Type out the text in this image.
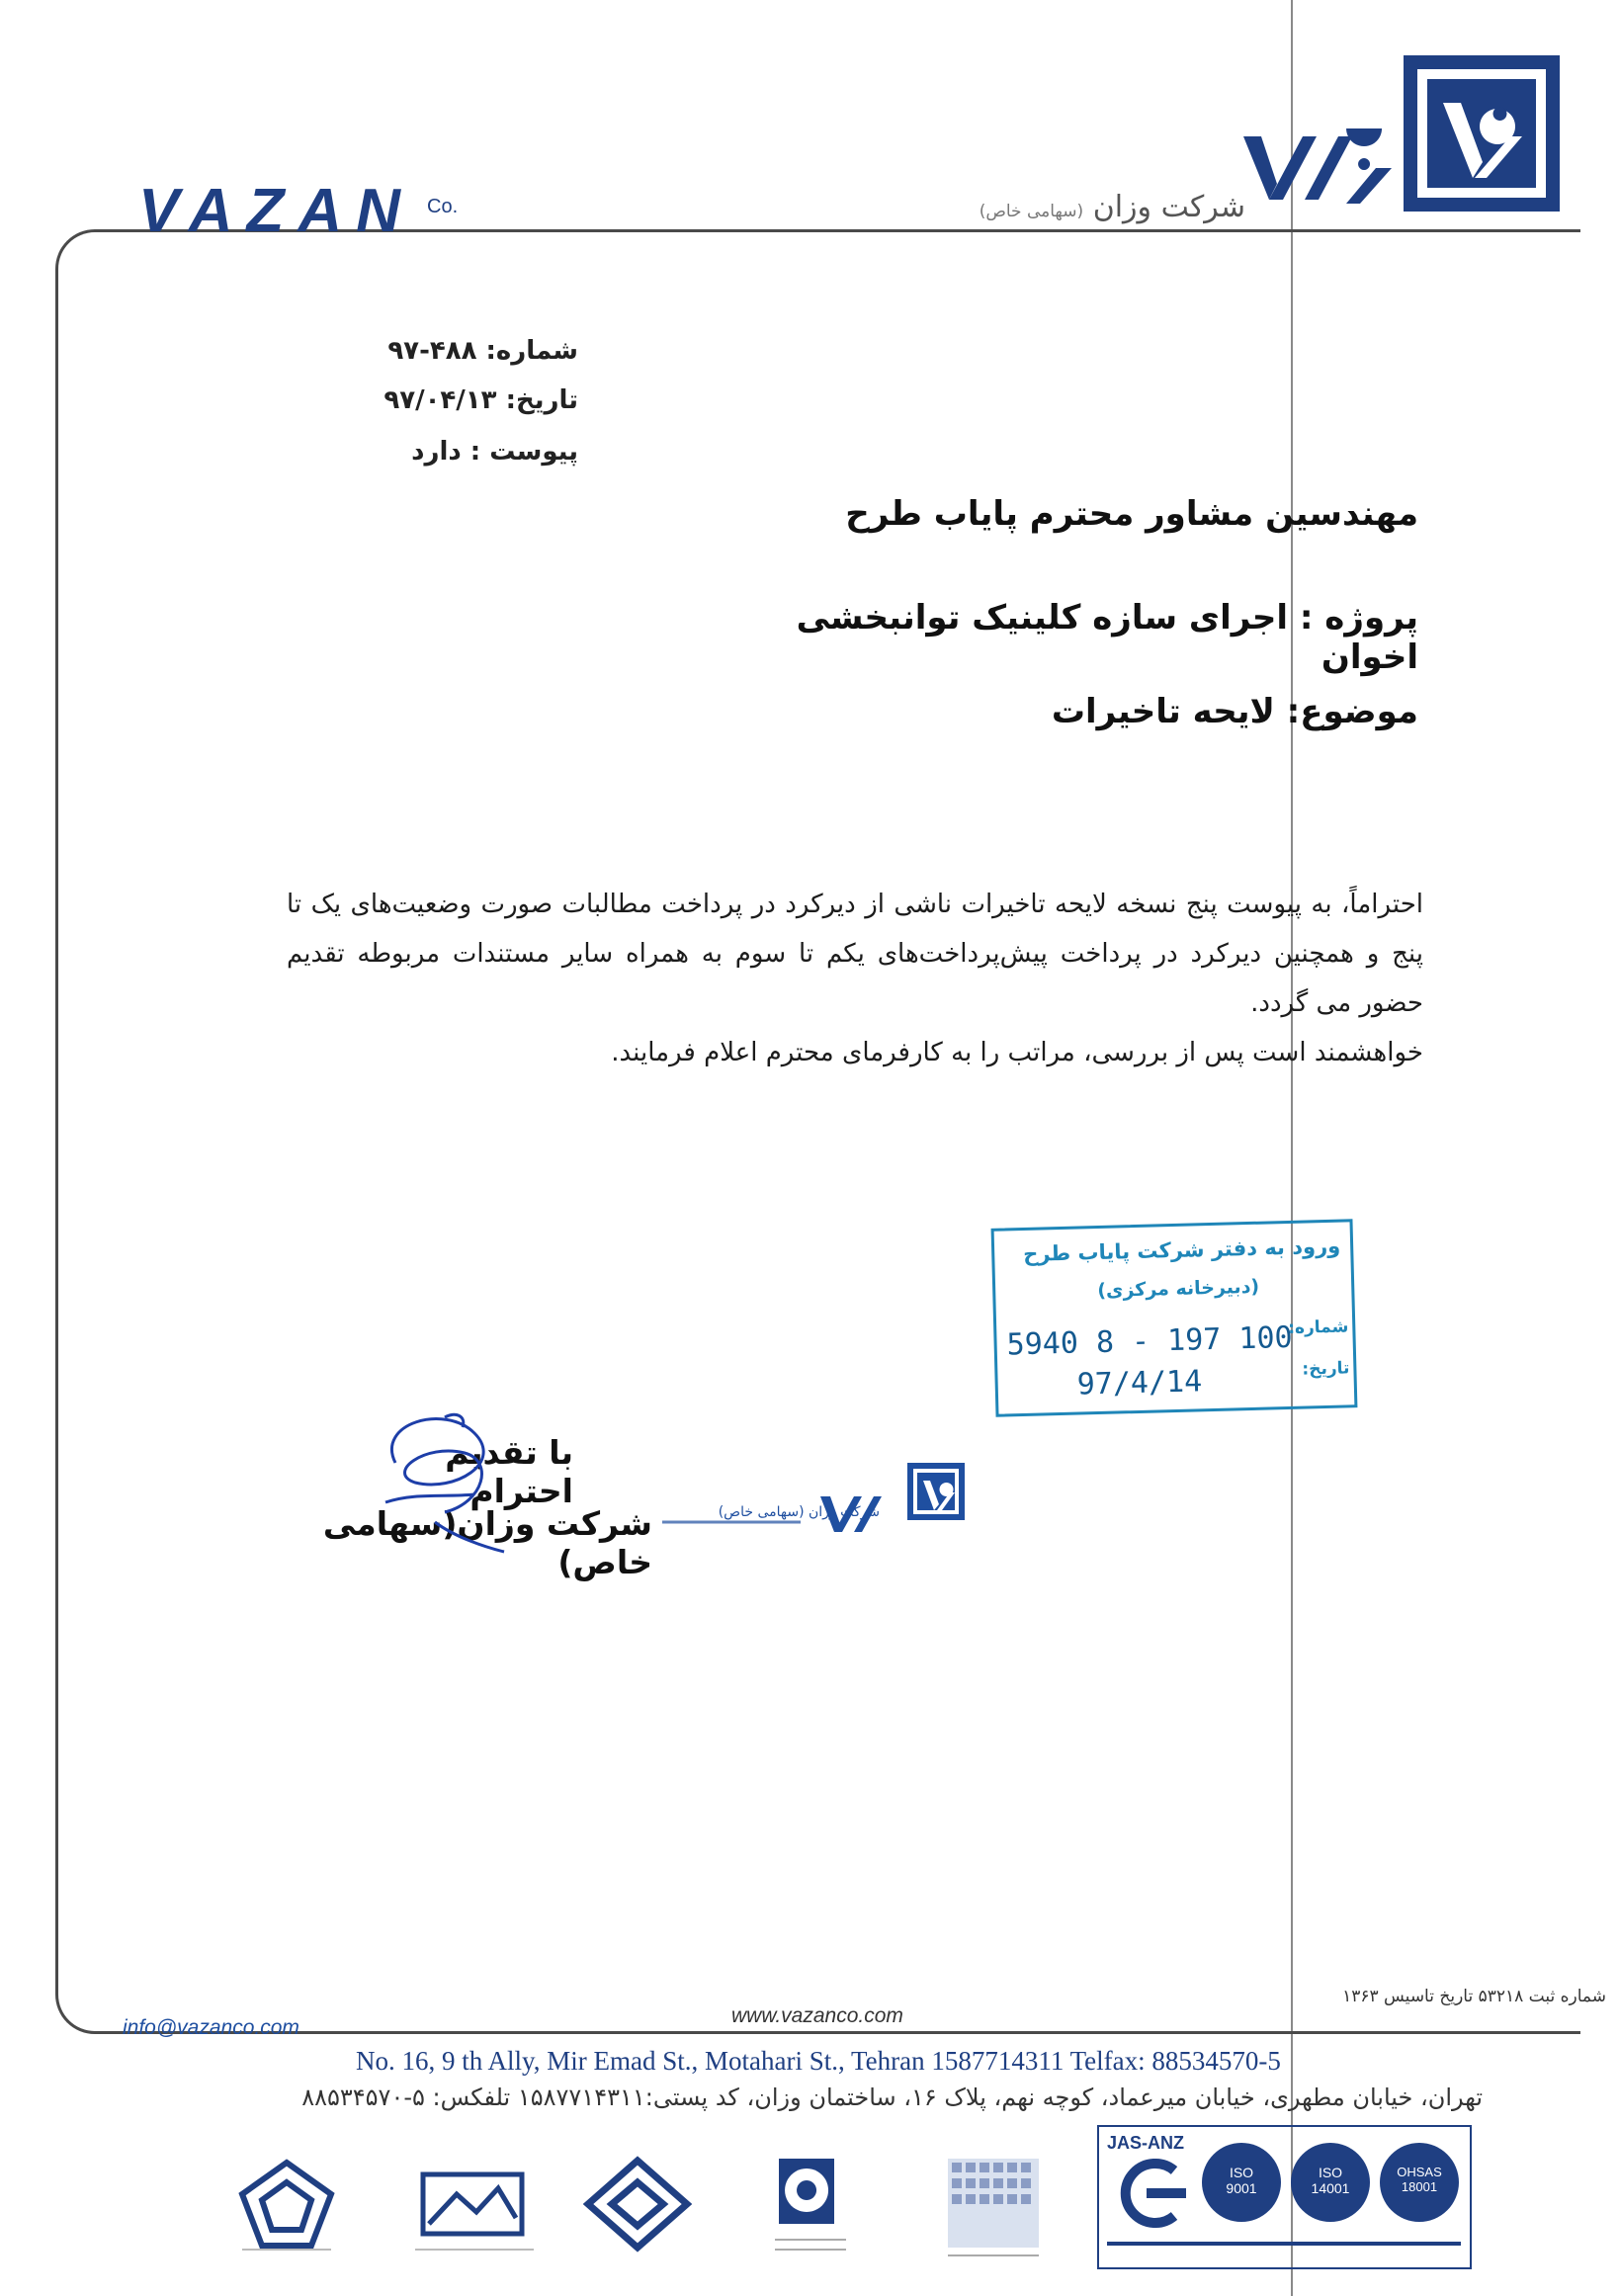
VAZAN Co.	شرکت وزان (سهامی خاص)
شماره: ۴۸۸-۹۷
تاریخ: ۹۷/۰۴/۱۳
پیوست : دارد
مهندسین مشاور محترم پایاب طرح
پروژه : اجرای سازه کلینیک توانبخشی اخوان
موضوع: لایحه تاخیرات

احتراماً، به پیوست پنج نسخه لایحه تاخیرات ناشی از دیرکرد در پرداخت مطالبات صورت وضعیت‌های یک تا پنج و همچنین دیرکرد در پرداخت پیش‌پرداخت‌های یکم تا سوم به همراه سایر مستندات مربوطه تقدیم حضور می گردد.

خواهشمند است پس از بررسی، مراتب را به کارفرمای محترم اعلام فرمایند.

ورود به دفتر شرکت پایاب طرح
(دبیرخانه مرکزی)
شماره:
تاریخ:
100 197 - 8 5940
97/4/14
با تقدیم احترام
شرکت وزان(سهامی خاص)
شرکت وزان (سهامی خاص)
شماره ثبت ۵۳۲۱۸ تاریخ تاسیس ۱۳۶۳
www.vazanco.com
info@vazanco.com
No. 16, 9 th Ally, Mir Emad St., Motahari St., Tehran 1587714311 Telfax: 88534570-5
تهران، خیابان مطهری، خیابان میرعماد، کوچه نهم، پلاک ۱۶، ساختمان وزان، کد پستی:۱۵۸۷۷۱۴۳۱۱ تلفکس: ۵-۸۸۵۳۴۵۷۰
JAS-ANZ
ISO
9001
ISO
14001
OHSAS
18001
